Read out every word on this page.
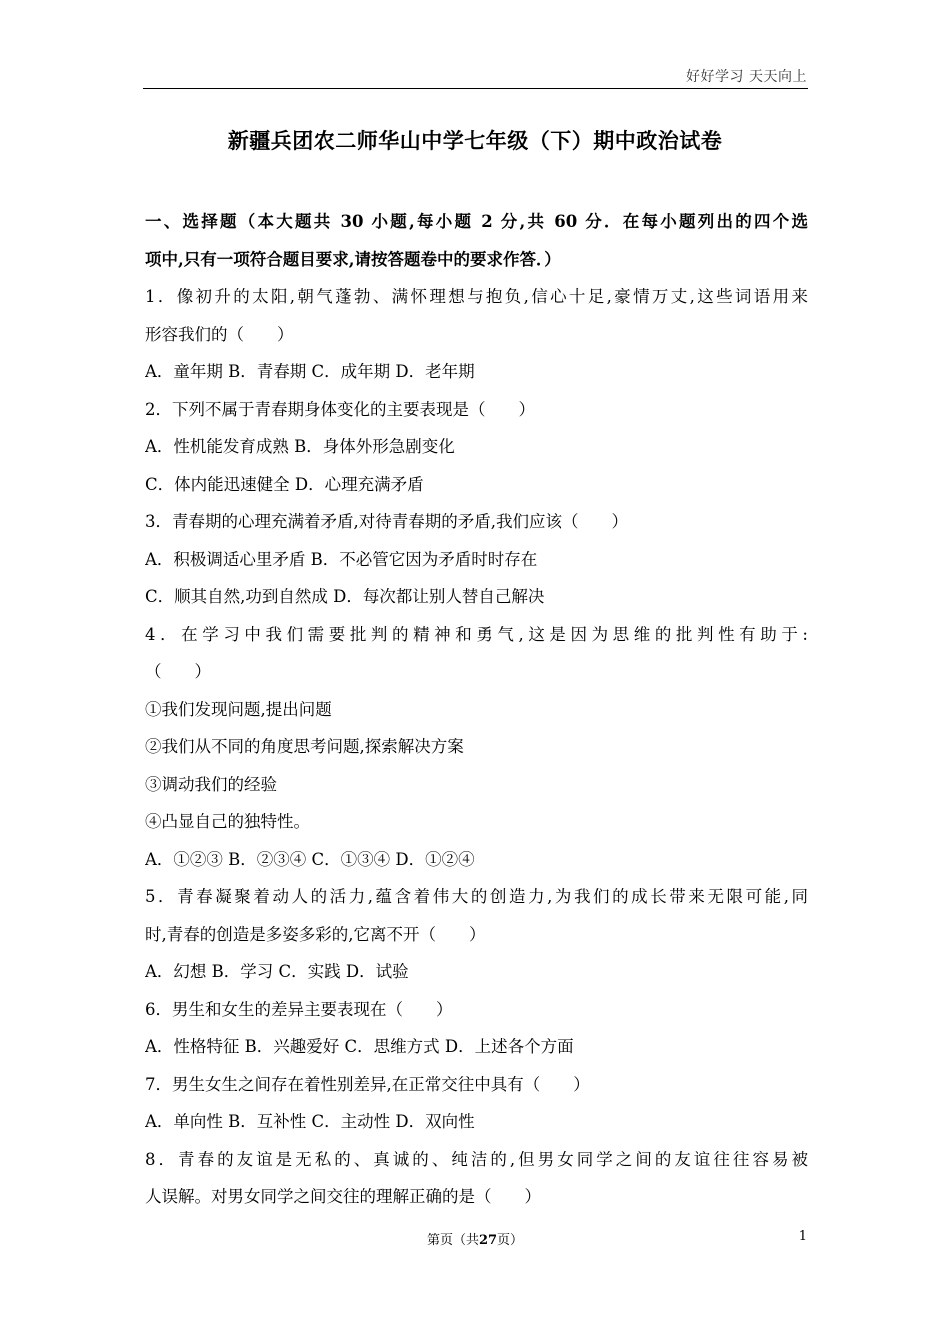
好好学习 天天向上
新疆兵团农二师华山中学七年级（下）期中政治试卷
一、选择题（本大题共 30 小题,每小题 2 分,共 60 分．在每小题列出的四个选
项中,只有一项符合题目要求,请按答题卷中的要求作答．）
1．像初升的太阳,朝气蓬勃、满怀理想与抱负,信心十足,豪情万丈,这些词语用来
形容我们的（　　）
A．童年期 B．青春期 C．成年期 D．老年期
2．下列不属于青春期身体变化的主要表现是（　　）
A．性机能发育成熟 B．身体外形急剧变化
C．体内能迅速健全 D．心理充满矛盾
3．青春期的心理充满着矛盾,对待青春期的矛盾,我们应该（　　）
A．积极调适心里矛盾 B．不必管它因为矛盾时时存在
C．顺其自然,功到自然成 D．每次都让别人替自己解决
4．在学习中我们需要批判的精神和勇气,这是因为思维的批判性有助于:
（　　）
①我们发现问题,提出问题
②我们从不同的角度思考问题,探索解决方案
③调动我们的经验
④凸显自己的独特性。
A．①②③ B．②③④ C．①③④ D．①②④
5．青春凝聚着动人的活力,蕴含着伟大的创造力,为我们的成长带来无限可能,同
时,青春的创造是多姿多彩的,它离不开（　　）
A．幻想 B．学习 C．实践 D．试验
6．男生和女生的差异主要表现在（　　）
A．性格特征 B．兴趣爱好 C．思维方式 D．上述各个方面
7．男生女生之间存在着性别差异,在正常交往中具有（　　）
A．单向性 B．互补性 C．主动性 D．双向性
8．青春的友谊是无私的、真诚的、纯洁的,但男女同学之间的友谊往往容易被
人误解。对男女同学之间交往的理解正确的是（　　）
第页（共27页）	1
